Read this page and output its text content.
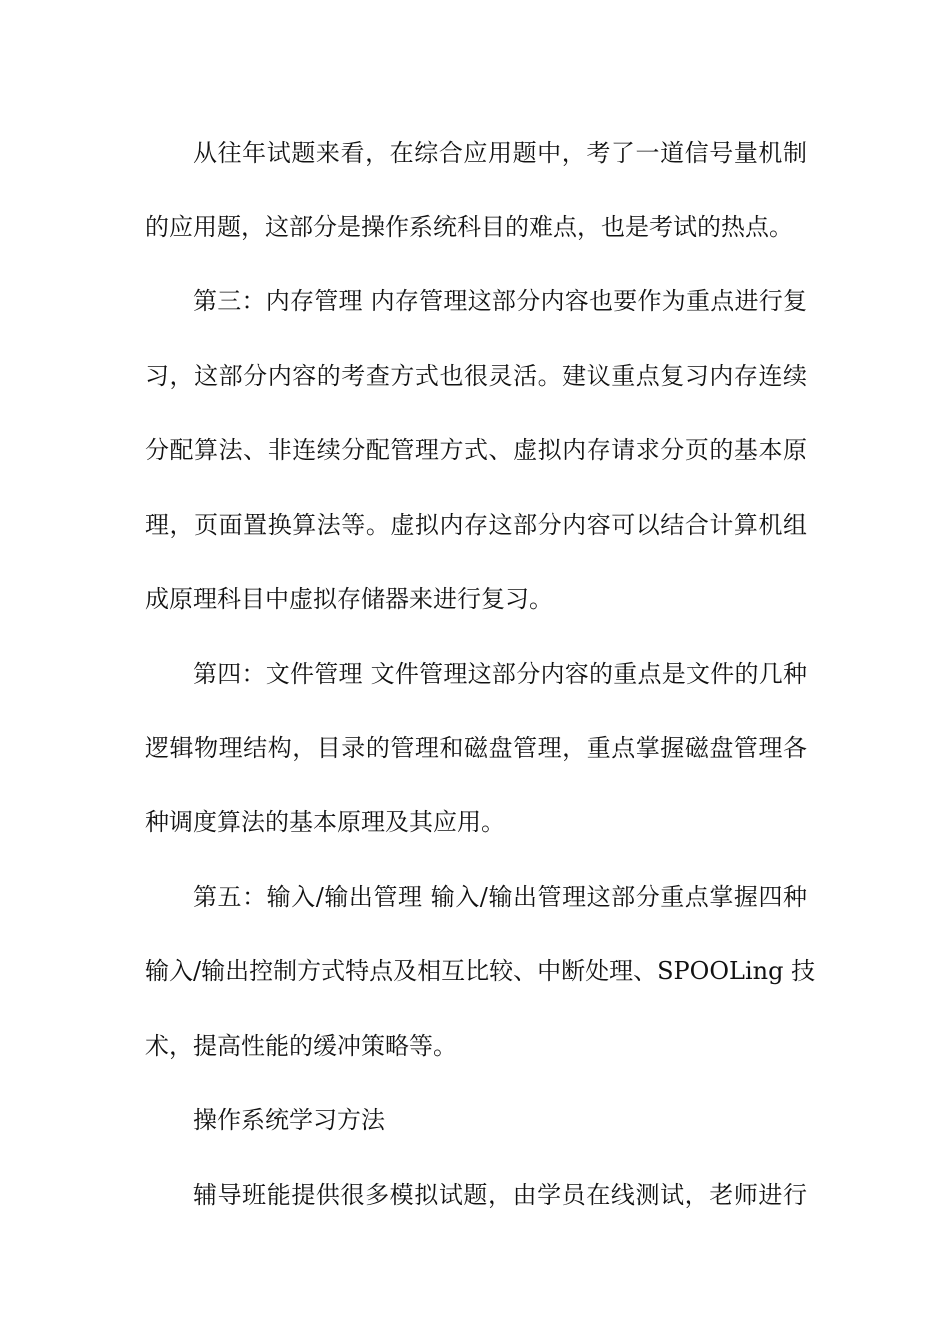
从往年试题来看，在综合应用题中，考了一道信号量机制

的应用题，这部分是操作系统科目的难点，也是考试的热点。

第三：内存管理 内存管理这部分内容也要作为重点进行复

习，这部分内容的考查方式也很灵活。建议重点复习内存连续

分配算法、非连续分配管理方式、虚拟内存请求分页的基本原

理，页面置换算法等。虚拟内存这部分内容可以结合计算机组

成原理科目中虚拟存储器来进行复习。

第四：文件管理 文件管理这部分内容的重点是文件的几种

逻辑物理结构，目录的管理和磁盘管理，重点掌握磁盘管理各

种调度算法的基本原理及其应用。

第五：输入/输出管理 输入/输出管理这部分重点掌握四种

输入/输出控制方式特点及相互比较、中断处理、SPOOLing 技

术，提高性能的缓冲策略等。

操作系统学习方法

辅导班能提供很多模拟试题，由学员在线测试，老师进行
